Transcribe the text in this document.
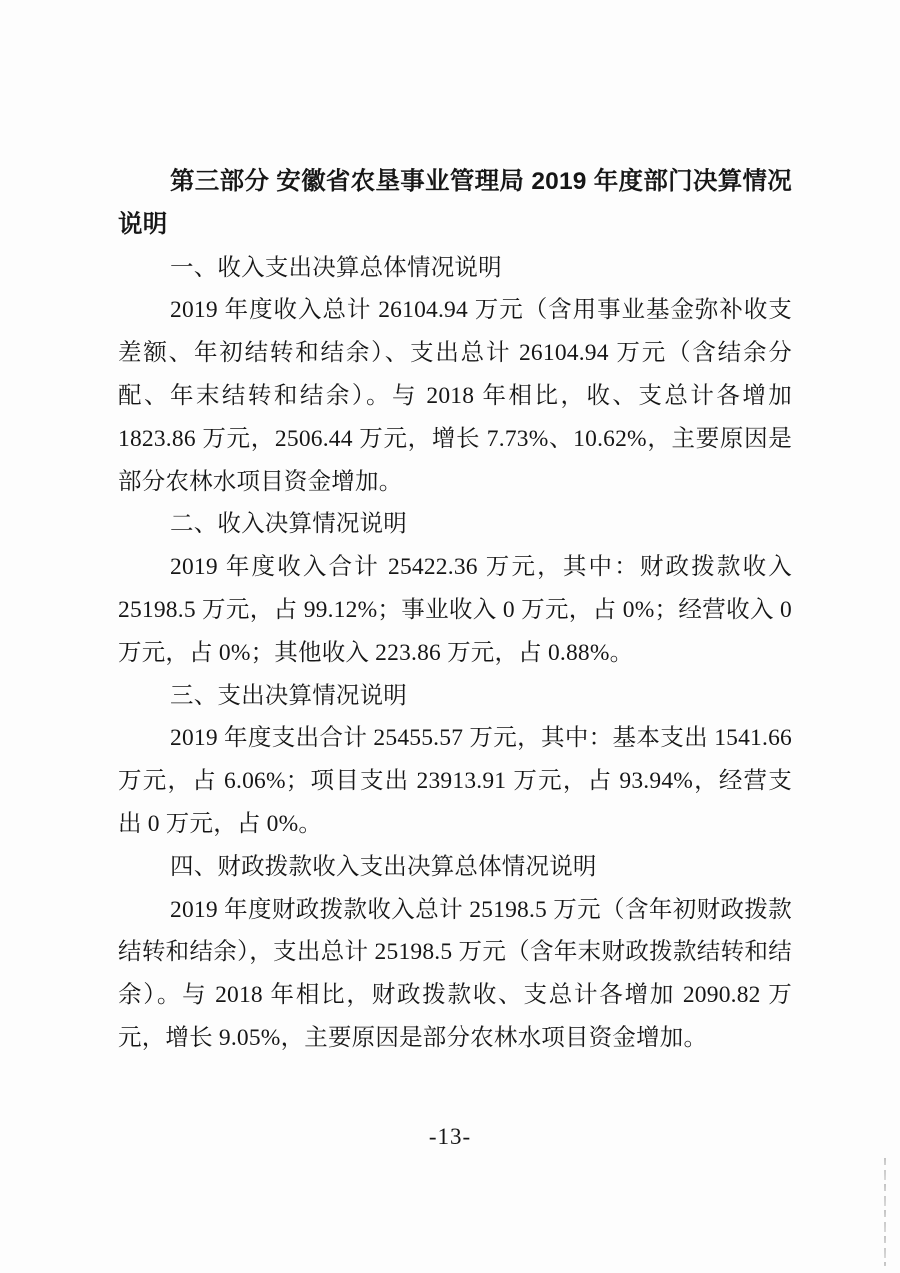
第三部分 安徽省农垦事业管理局 2019 年度部门决算情况说明
一、收入支出决算总体情况说明

2019 年度收入总计 26104.94 万元（含用事业基金弥补收支差额、年初结转和结余）、支出总计 26104.94 万元（含结余分配、年末结转和结余）。与 2018 年相比，收、支总计各增加 1823.86 万元，2506.44 万元，增长 7.73%、10.62%，主要原因是部分农林水项目资金增加。

二、收入决算情况说明

2019 年度收入合计 25422.36 万元，其中：财政拨款收入 25198.5 万元，占 99.12%；事业收入 0 万元，占 0%；经营收入 0 万元，占 0%；其他收入 223.86 万元，占 0.88%。

三、支出决算情况说明

2019 年度支出合计 25455.57 万元，其中：基本支出 1541.66 万元，占 6.06%；项目支出 23913.91 万元，占 93.94%，经营支出 0 万元，占 0%。

四、财政拨款收入支出决算总体情况说明

2019 年度财政拨款收入总计 25198.5 万元（含年初财政拨款结转和结余），支出总计 25198.5 万元（含年末财政拨款结转和结余）。与 2018 年相比，财政拨款收、支总计各增加 2090.82 万元，增长 9.05%，主要原因是部分农林水项目资金增加。

-13-
